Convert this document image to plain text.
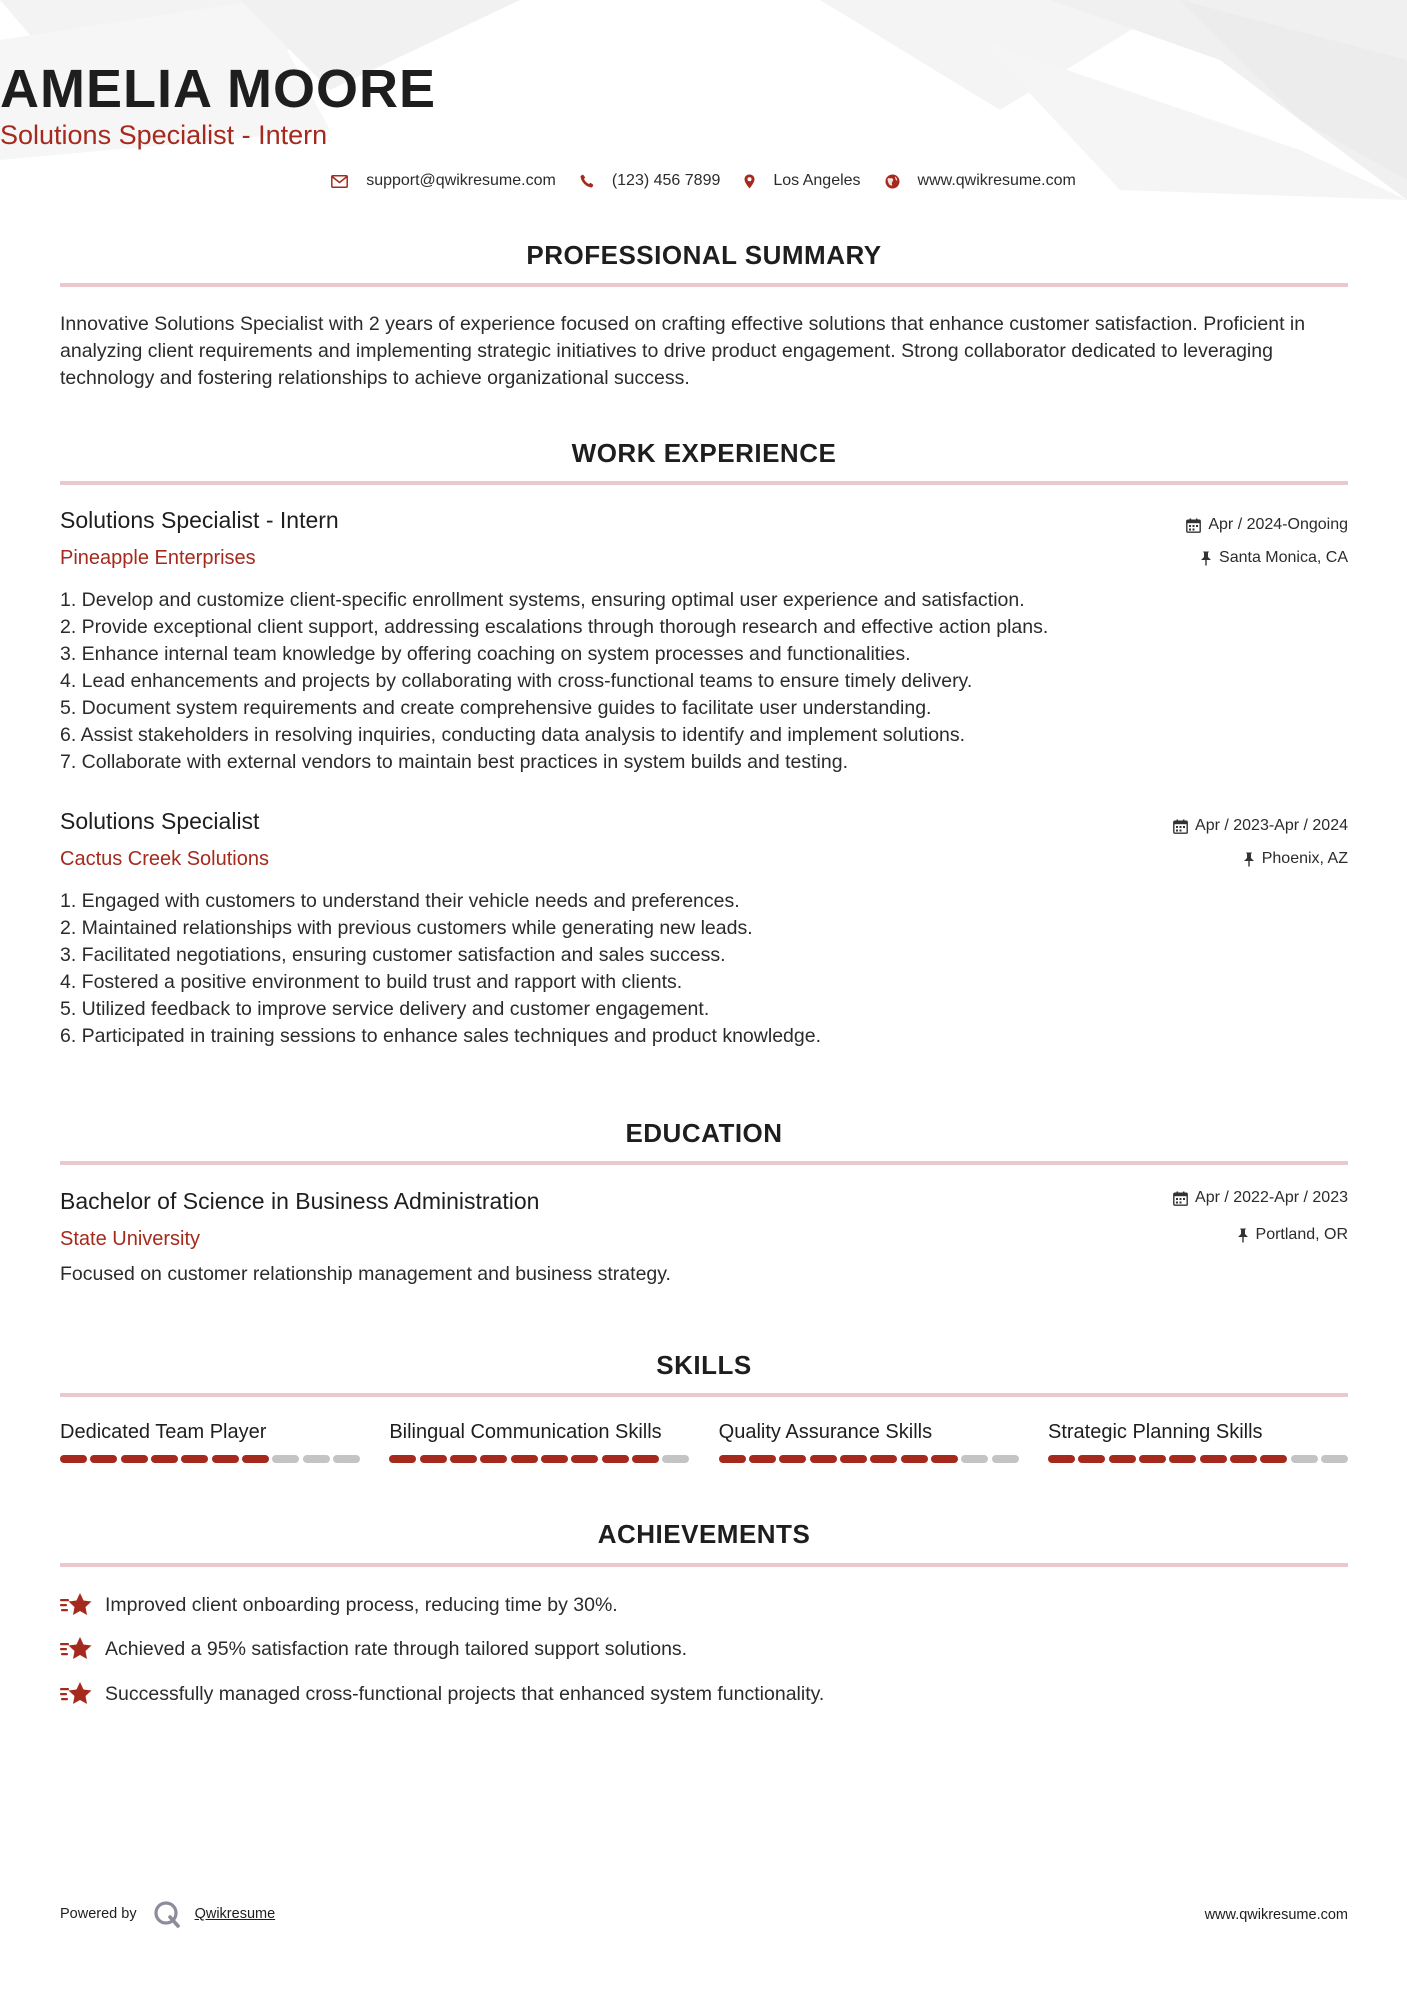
AMELIA MOORE
Solutions Specialist - Intern
support@qwikresume.com	(123) 456 7899	Los Angeles	www.qwikresume.com
PROFESSIONAL SUMMARY
Innovative Solutions Specialist with 2 years of experience focused on crafting effective solutions that enhance customer satisfaction. Proficient in analyzing client requirements and implementing strategic initiatives to drive product engagement. Strong collaborator dedicated to leveraging technology and fostering relationships to achieve organizational success.
WORK EXPERIENCE
Solutions Specialist - Intern
Pineapple Enterprises
Apr / 2024-Ongoing
Santa Monica, CA
1. Develop and customize client-specific enrollment systems, ensuring optimal user experience and satisfaction.
2. Provide exceptional client support, addressing escalations through thorough research and effective action plans.
3. Enhance internal team knowledge by offering coaching on system processes and functionalities.
4. Lead enhancements and projects by collaborating with cross-functional teams to ensure timely delivery.
5. Document system requirements and create comprehensive guides to facilitate user understanding.
6. Assist stakeholders in resolving inquiries, conducting data analysis to identify and implement solutions.
7. Collaborate with external vendors to maintain best practices in system builds and testing.
Solutions Specialist
Cactus Creek Solutions
Apr / 2023-Apr / 2024
Phoenix, AZ
1. Engaged with customers to understand their vehicle needs and preferences.
2. Maintained relationships with previous customers while generating new leads.
3. Facilitated negotiations, ensuring customer satisfaction and sales success.
4. Fostered a positive environment to build trust and rapport with clients.
5. Utilized feedback to improve service delivery and customer engagement.
6. Participated in training sessions to enhance sales techniques and product knowledge.
EDUCATION
Bachelor of Science in Business Administration
State University
Apr / 2022-Apr / 2023
Portland, OR
Focused on customer relationship management and business strategy.
SKILLS
Dedicated Team Player	Bilingual Communication Skills	Quality Assurance Skills	Strategic Planning Skills
ACHIEVEMENTS
Improved client onboarding process, reducing time by 30%.
Achieved a 95% satisfaction rate through tailored support solutions.
Successfully managed cross-functional projects that enhanced system functionality.
Powered by	Qwikresume	www.qwikresume.com
